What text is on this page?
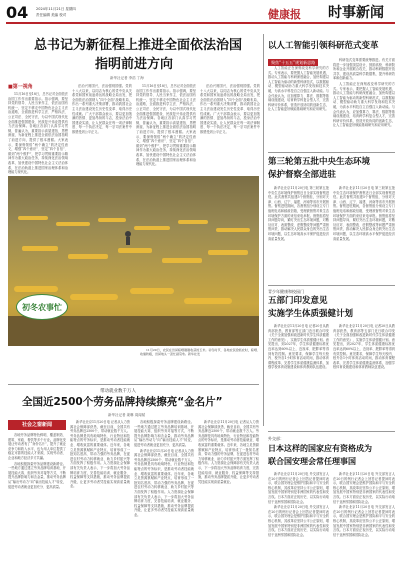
04 2024年11月21日 星期四
责任编辑 美编 校对	健康报 时事新闻
总书记为新征程上推进全面依法治国
指明前进方向
新华社记者 李浩 丁海
■第一视角

11月16日至18日，总书记对全面依法治国工作作出重要指示。指示强调，要坚持党的领导、人民当家作主、依法治国有机统一，坚定不移走中国特色社会主义法治道路，全面推进科学立法、严格执法、公正司法、全民守法，为以中国式现代化全面推进强国建设、民族复兴伟业提供有力法治保障。各地区各部门认真学习贯彻，普遍认为，重要指示高屋建瓴、思想深邃，为新征程上推进全面依法治国指明了前进方向，提供了根本遵循。大家表示，要深刻领悟“两个确立”的决定性意义，增强“四个意识”、坚定“四个自信”、做到“两个维护”，把学习贯彻重要指示精神作为重大政治任务，持续深化法治领域改革，加快建设中国特色社会主义法治体系，在法治轨道上推进国家治理体系和治理能力现代化。

法治兴则国兴，法治强则国强。党的十八大以来，以同志为核心的党中央从关系党和国家前途命运的战略全局出发，把全面依法治国纳入“四个全面”战略布局，作出一系列重大决策部署，推动我国社会主义法治建设发生历史性变革、取得历史性成就。广大干部群众表示，要以更加饱满的热情、更加昂扬的斗志，投身法治中国建设实践，让人民群众在每一项法律制度、每一个执法决定、每一宗司法案件中都感受到公平正义。

11月16日至18日，总书记对全面依法治国工作作出重要指示。指示强调，要坚持党的领导、人民当家作主、依法治国有机统一，坚定不移走中国特色社会主义法治道路，全面推进科学立法、严格执法、公正司法、全民守法，为以中国式现代化全面推进强国建设、民族复兴伟业提供有力法治保障。各地区各部门认真学习贯彻，普遍认为，重要指示高屋建瓴、思想深邃，为新征程上推进全面依法治国指明了前进方向，提供了根本遵循。大家表示，要深刻领悟“两个确立”的决定性意义，增强“四个意识”、坚定“四个自信”、做到“两个维护”，把学习贯彻重要指示精神作为重大政治任务，持续深化法治领域改革，加快建设中国特色社会主义法治体系，在法治轨道上推进国家治理体系和治理能力现代化。

法治兴则国兴，法治强则国强。党的十八大以来，以同志为核心的党中央从关系党和国家前途命运的战略全局出发，把全面依法治国纳入“四个全面”战略布局，作出一系列重大决策部署，推动我国社会主义法治建设发生历史性变革、取得历史性成就。广大干部群众表示，要以更加饱满的热情、更加昂扬的斗志，投身法治中国建设实践，让人民群众在每一项法律制度、每一个执法决定、每一宗司法案件中都感受到公平正义。

初冬农事忙

11月20日，农民在田间晾晒刚刚收获的玉米。初冬时节，各地农民抢抓农时，晾晒、收储秋粮，田间地头一派忙碌景象。新华社发

以人工智能引领科研范式变革
聚焦“十五五”规划新思路

人工智能正在深刻改变科学研究的方式。专家表示，要把握人工智能发展机遇，推动人工智能与科研深度融合，加快构建以人工智能为驱动的新型科研范式，以数据驱动、模型驱动助力重大科学发现和技术突破，为高水平科技自立自强注入新动能。与会代表认为，应加强算力、算法、数据等基础设施建设，培育跨学科复合型人才，完善科研评价体系，营造开放协同的创新生态，让人工智能更好赋能基础研究和应用研究。

科研范式变革需要统筹推进。有关方面将进一步加强顶层设计，鼓励高校、科研院所和企业开展联合攻关，推动科研数据开放共享，建设高质量科学数据集，提升科研效率和创新能力。

人工智能正在深刻改变科学研究的方式。专家表示，要把握人工智能发展机遇，推动人工智能与科研深度融合，加快构建以人工智能为驱动的新型科研范式，以数据驱动、模型驱动助力重大科学发现和技术突破，为高水平科技自立自强注入新动能。与会代表认为，应加强算力、算法、数据等基础设施建设，培育跨学科复合型人才，完善科研评价体系，营造开放协同的创新生态，让人工智能更好赋能基础研究和应用研究。

第三轮第五批中央生态环境
保护督察全部进驻

新华社北京11月20日电 第三轮第五批中央生态环境保护督察近日全部实现督察进驻。此次督察共组建5个督察组，分别对天津、山西、辽宁、福建、河南等省市开展督察。督察进驻期间，各督察组分别设立专门值班电话和邮政信箱，受理被督察对象生态环境保护方面的来信来电举报。督察组将坚持问题导向，紧盯突出生态环境问题，对敷衍应对、表面整改、虚假整改等问题严肃督察问责，推动解决人民群众身边的突出生态环境问题，以生态环境高水平保护促进经济高质量发展。

新华社北京11月20日电 第三轮第五批中央生态环境保护督察近日全部实现督察进驻。此次督察共组建5个督察组，分别对天津、山西、辽宁、福建、河南等省市开展督察。督察进驻期间，各督察组分别设立专门值班电话和邮政信箱，受理被督察对象生态环境保护方面的来信来电举报。督察组将坚持问题导向，紧盯突出生态环境问题，对敷衍应对、表面整改、虚假整改等问题严肃督察问责，推动解决人民群众身边的突出生态环境问题，以生态环境高水平保护促进经济高质量发展。

青少年健康和校园门
五部门印发意见
实施学生体质强健计划

新华社北京11月20日电 记者20日从教育部获悉，教育部等五部门近日联合印发《关于全面加强和改进新时代学生体质健康工作的意见》，实施学生体质强健计划。意见提出，到2027年，学生体质健康标准优良率达到60%以上，近视率、肥胖率等得到有效控制。意见要求，保障学生每天校内、校外各1小时体育活动时间，推动体育课程改革，完善学生体质健康监测体系，加强学校体育设施建设和体育教师队伍建设。

新华社北京11月20日电 记者20日从教育部获悉，教育部等五部门近日联合印发《关于全面加强和改进新时代学生体质健康工作的意见》，实施学生体质强健计划。意见提出，到2027年，学生体质健康标准优良率达到60%以上，近视率、肥胖率等得到有效控制。意见要求，保障学生每天校内、校外各1小时体育活动时间，推动体育课程改革，完善学生体质健康监测体系，加强学校体育设施建设和体育教师队伍建设。

外交部：
日本这样的国家应有资格成为
联合国安理会常任理事国

新华社北京11月20日电 外交部发言人在20日的例行记者会上回答记者提问时表示，联合国安理会是维护国际和平与安全的核心机制，其改革应坚持公平公正原则，增加发展中国家特别是非洲国家的代表性和发言权。日本方面应正视历史，以实际行动取信于亚洲邻国和国际社会。

新华社北京11月20日电 外交部发言人在20日的例行记者会上回答记者提问时表示，联合国安理会是维护国际和平与安全的核心机制，其改革应坚持公平公正原则，增加发展中国家特别是非洲国家的代表性和发言权。日本方面应正视历史，以实际行动取信于亚洲邻国和国际社会。

新华社北京11月20日电 外交部发言人在20日的例行记者会上回答记者提问时表示，联合国安理会是维护国际和平与安全的核心机制，其改革应坚持公平公正原则，增加发展中国家特别是非洲国家的代表性和发言权。日本方面应正视历史，以实际行动取信于亚洲邻国和国际社会。

新华社北京11月20日电 外交部发言人在20日的例行记者会上回答记者提问时表示，联合国安理会是维护国际和平与安全的核心机制，其改革应坚持公平公正原则，增加发展中国家特别是非洲国家的代表性和发言权。日本方面应正视历史，以实际行动取信于亚洲邻国和国际社会。

带动就业数千万人
全国近2500个劳务品牌持续擦亮“金名片”
新华社记者 姜琳 周闻韬
社会之窗新闻

各地劳务品牌特色鲜明，覆盖制造、建筑、家政、餐饮等多个行业。品牌化发展让劳动者有了“身份名片”，提升了就业竞争力和收入水平，也为用人单位提供了稳定可靠的技能人才来源，实现劳动者、企业和地方经济多方共赢。

各地积极探索劳务品牌建设新路径。一些地方通过建立劳务品牌培训基地、开展技能大赛、组织劳务对接等方式，不断提升品牌影响力和含金量，推动劳务品牌从“输出劳动力”向“输出技能人才”转变，促进劳动者就业更加充分、更高质量。

新华社北京11月20日电 记者从人力资源社会保障部获悉，截至目前，全国共有劳务品牌近2500个，带动就业数千万人。劳务品牌是具有地域特色、行业特征和技能特点的劳务标识，是推动劳动者技能就业、增收致富的重要载体。近年来，各地立足资源禀赋和产业特点，培育形成了一批知名度高、带动力强的劳务品牌，在促进农村劳动力转移就业、助力乡村振兴等方面发挥了积极作用。人力资源社会保障部有关负责人表示，下一步将加大劳务品牌培育力度，完善技能培训、就业服务、权益保障等支持措施，推动劳务品牌提质升级，让更多劳动者凭技能实现高质量就业。

各地积极探索劳务品牌建设新路径。一些地方通过建立劳务品牌培训基地、开展技能大赛、组织劳务对接等方式，不断提升品牌影响力和含金量，推动劳务品牌从“输出劳动力”向“输出技能人才”转变，促进劳动者就业更加充分、更高质量。

新华社北京11月20日电 记者从人力资源社会保障部获悉，截至目前，全国共有劳务品牌近2500个，带动就业数千万人。劳务品牌是具有地域特色、行业特征和技能特点的劳务标识，是推动劳动者技能就业、增收致富的重要载体。近年来，各地立足资源禀赋和产业特点，培育形成了一批知名度高、带动力强的劳务品牌，在促进农村劳动力转移就业、助力乡村振兴等方面发挥了积极作用。人力资源社会保障部有关负责人表示，下一步将加大劳务品牌培育力度，完善技能培训、就业服务、权益保障等支持措施，推动劳务品牌提质升级，让更多劳动者凭技能实现高质量就业。

新华社北京11月20日电 记者从人力资源社会保障部获悉，截至目前，全国共有劳务品牌近2500个，带动就业数千万人。劳务品牌是具有地域特色、行业特征和技能特点的劳务标识，是推动劳动者技能就业、增收致富的重要载体。近年来，各地立足资源禀赋和产业特点，培育形成了一批知名度高、带动力强的劳务品牌，在促进农村劳动力转移就业、助力乡村振兴等方面发挥了积极作用。人力资源社会保障部有关负责人表示，下一步将加大劳务品牌培育力度，完善技能培训、就业服务、权益保障等支持措施，推动劳务品牌提质升级，让更多劳动者凭技能实现高质量就业。
